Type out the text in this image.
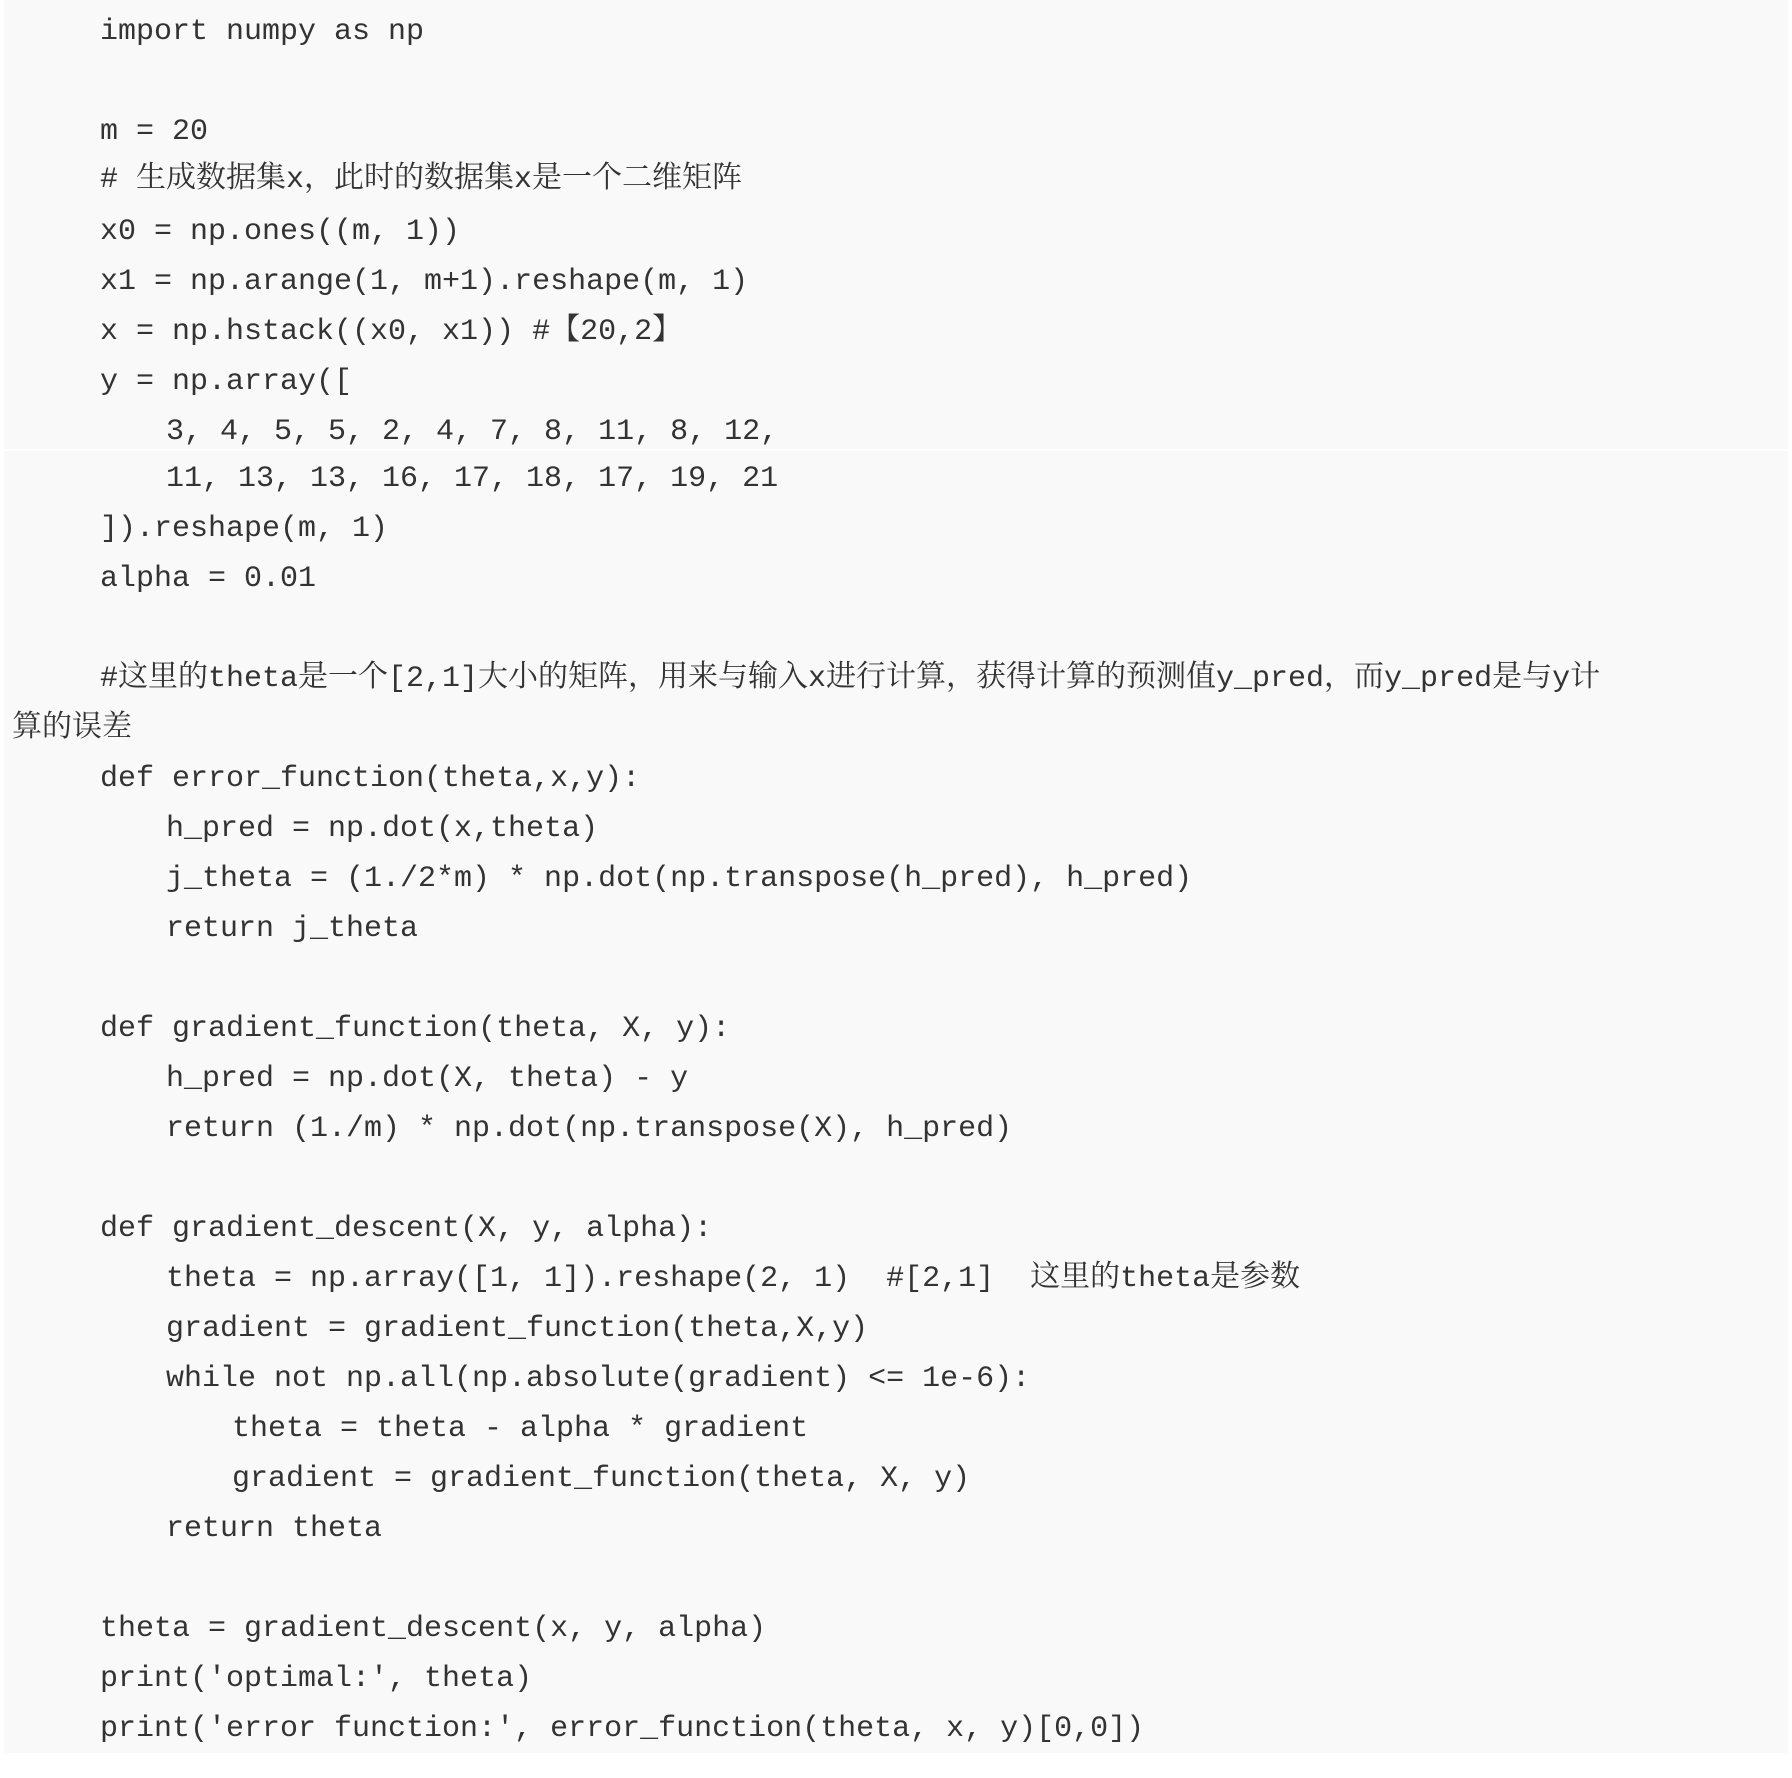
import numpy as np
m = 20
# 生成数据集x，此时的数据集x是一个二维矩阵
x0 = np.ones((m, 1))
x1 = np.arange(1, m+1).reshape(m, 1)
x = np.hstack((x0, x1)) #【20,2】
y = np.array([
3, 4, 5, 5, 2, 4, 7, 8, 11, 8, 12,
11, 13, 13, 16, 17, 18, 17, 19, 21
]).reshape(m, 1)
alpha = 0.01
#这里的theta是一个[2,1]大小的矩阵，用来与输入x进行计算，获得计算的预测值y_pred，而y_pred是与y计
算的误差
def error_function(theta,x,y):
h_pred = np.dot(x,theta)
j_theta = (1./2*m) * np.dot(np.transpose(h_pred), h_pred)
return j_theta
def gradient_function(theta, X, y):
h_pred = np.dot(X, theta) - y
return (1./m) * np.dot(np.transpose(X), h_pred)
def gradient_descent(X, y, alpha):
theta = np.array([1, 1]).reshape(2, 1)  #[2,1]  这里的theta是参数
gradient = gradient_function(theta,X,y)
while not np.all(np.absolute(gradient) <= 1e-6):
theta = theta - alpha * gradient
gradient = gradient_function(theta, X, y)
return theta
theta = gradient_descent(x, y, alpha)
print('optimal:', theta)
print('error function:', error_function(theta, x, y)[0,0])
